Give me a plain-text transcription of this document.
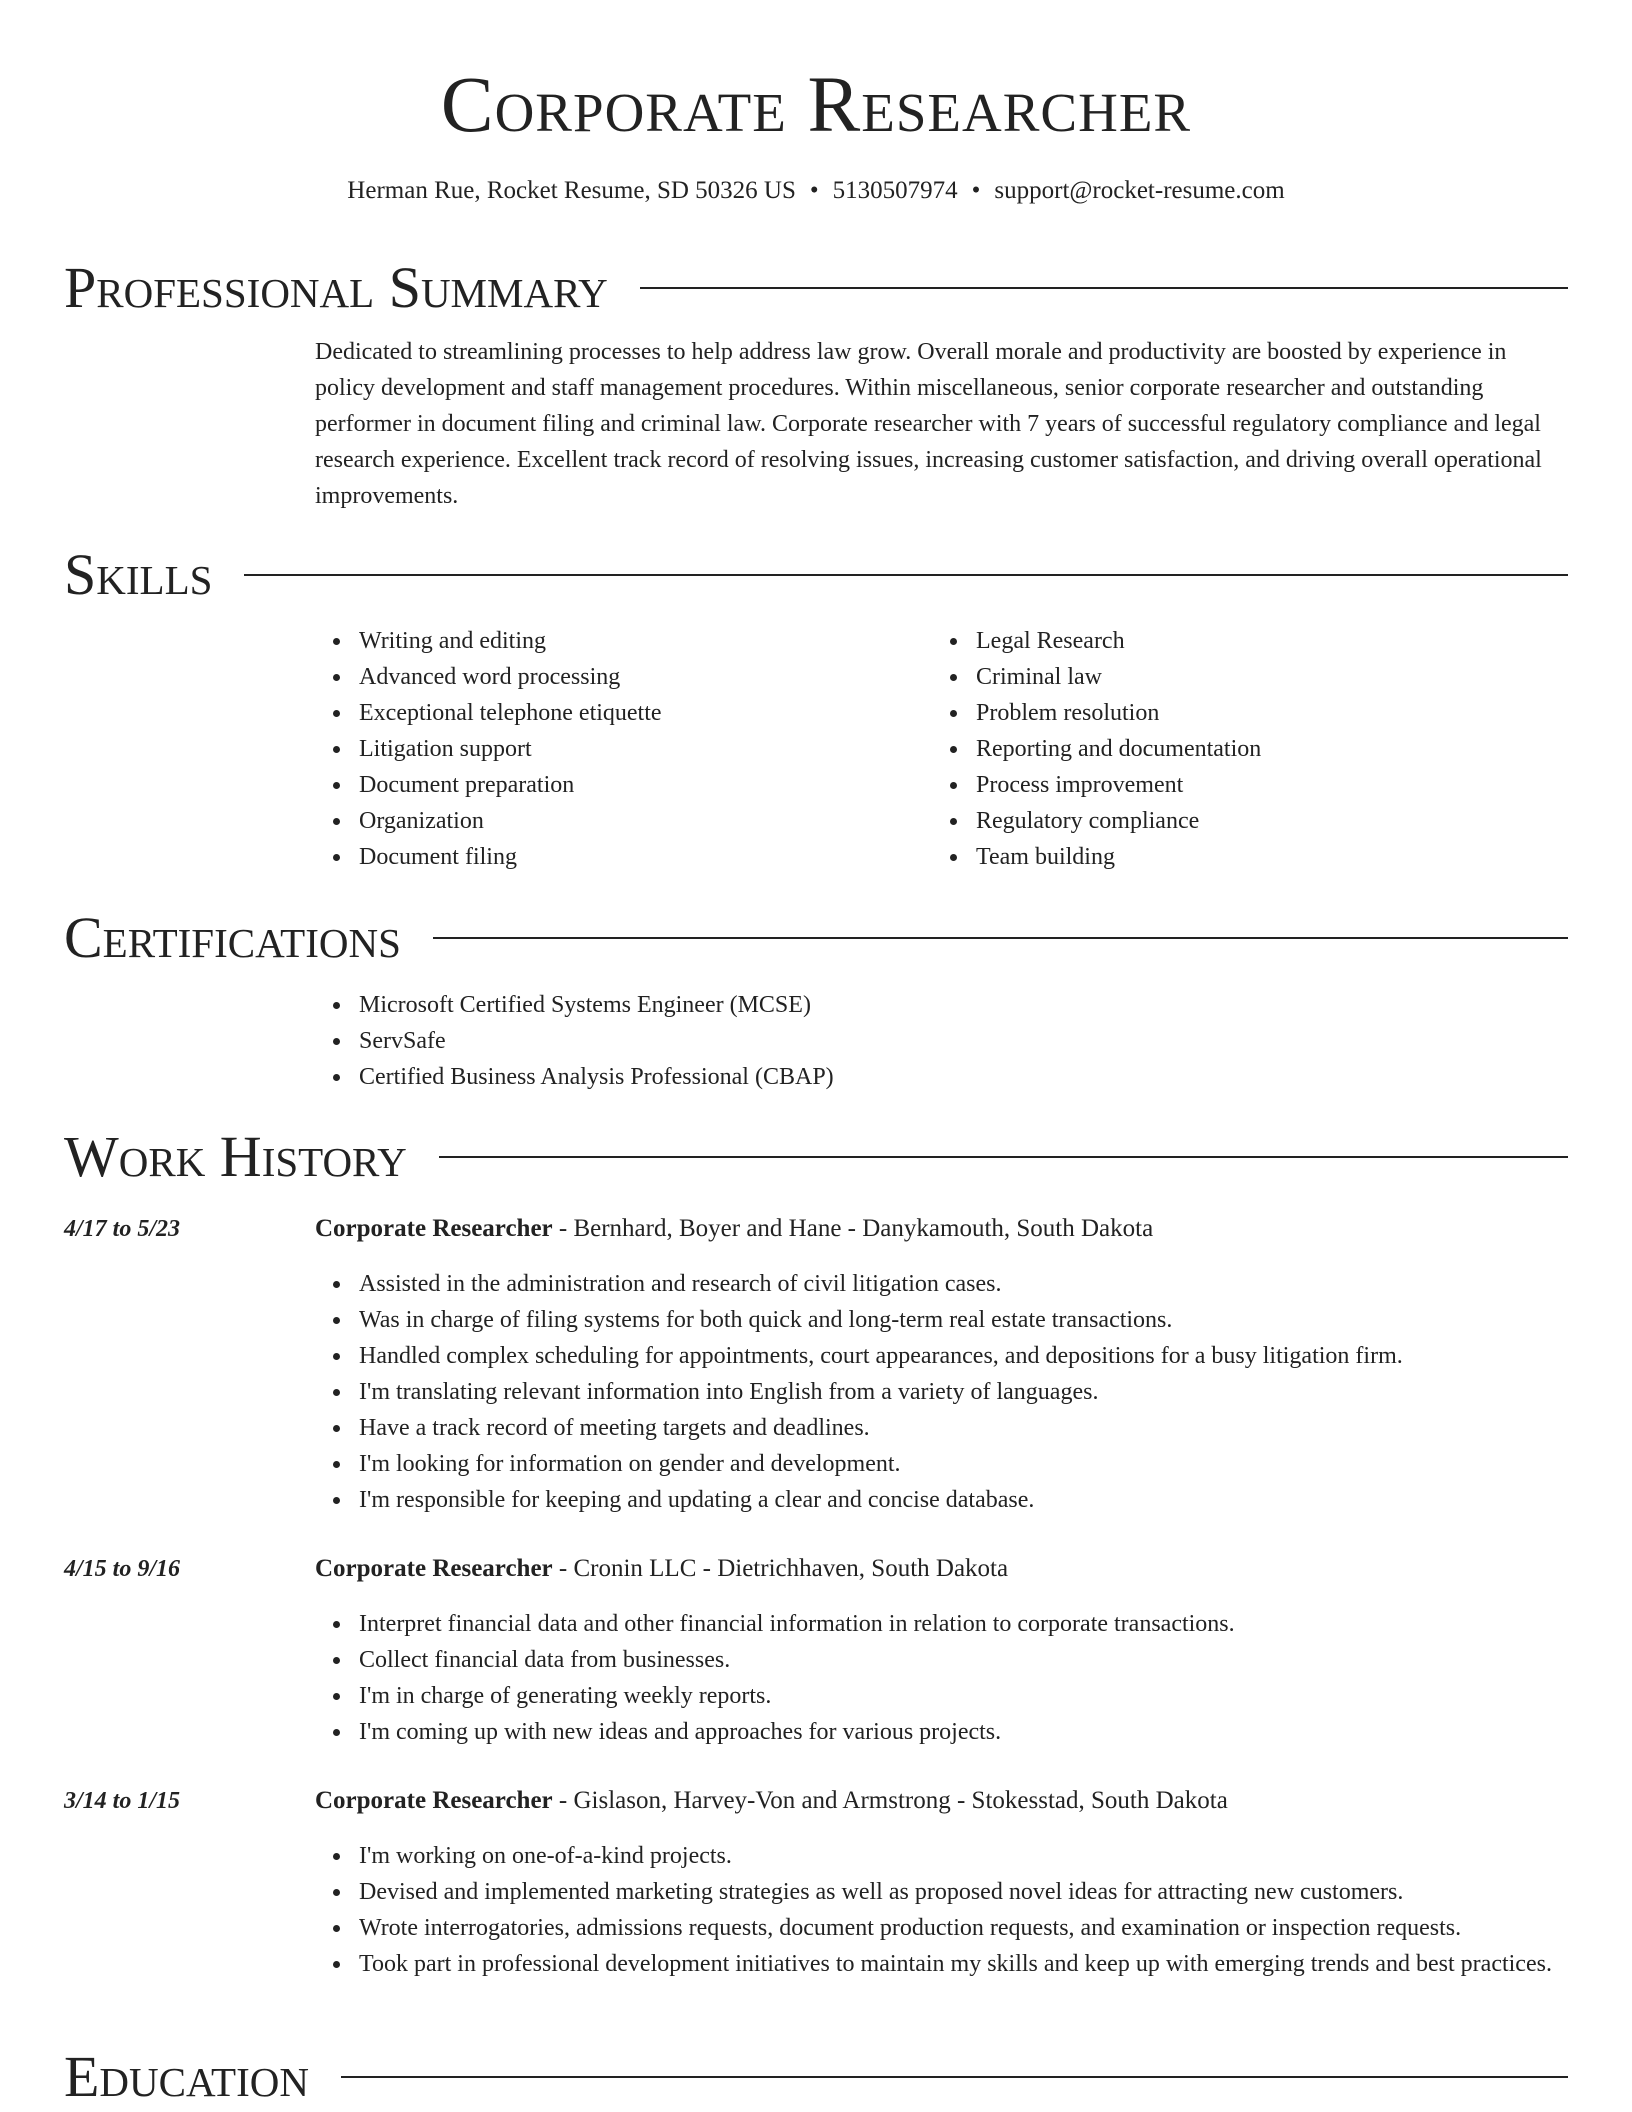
Corporate Researcher
Herman Rue, Rocket Resume, SD 50326 US • 5130507974 • support@rocket-resume.com
Professional Summary
Dedicated to streamlining processes to help address law grow. Overall morale and productivity are boosted by experience in policy development and staff management procedures. Within miscellaneous, senior corporate researcher and outstanding performer in document filing and criminal law. Corporate researcher with 7 years of successful regulatory compliance and legal research experience. Excellent track record of resolving issues, increasing customer satisfaction, and driving overall operational improvements.
Skills
Writing and editing
Advanced word processing
Exceptional telephone etiquette
Litigation support
Document preparation
Organization
Document filing
Legal Research
Criminal law
Problem resolution
Reporting and documentation
Process improvement
Regulatory compliance
Team building
Certifications
Microsoft Certified Systems Engineer (MCSE)
ServSafe
Certified Business Analysis Professional (CBAP)
Work History
4/17 to 5/23	Corporate Researcher - Bernhard, Boyer and Hane - Danykamouth, South Dakota
Assisted in the administration and research of civil litigation cases.
Was in charge of filing systems for both quick and long-term real estate transactions.
Handled complex scheduling for appointments, court appearances, and depositions for a busy litigation firm.
I'm translating relevant information into English from a variety of languages.
Have a track record of meeting targets and deadlines.
I'm looking for information on gender and development.
I'm responsible for keeping and updating a clear and concise database.
4/15 to 9/16	Corporate Researcher - Cronin LLC - Dietrichhaven, South Dakota
Interpret financial data and other financial information in relation to corporate transactions.
Collect financial data from businesses.
I'm in charge of generating weekly reports.
I'm coming up with new ideas and approaches for various projects.
3/14 to 1/15	Corporate Researcher - Gislason, Harvey-Von and Armstrong - Stokesstad, South Dakota
I'm working on one-of-a-kind projects.
Devised and implemented marketing strategies as well as proposed novel ideas for attracting new customers.
Wrote interrogatories, admissions requests, document production requests, and examination or inspection requests.
Took part in professional development initiatives to maintain my skills and keep up with emerging trends and best practices.
Education
